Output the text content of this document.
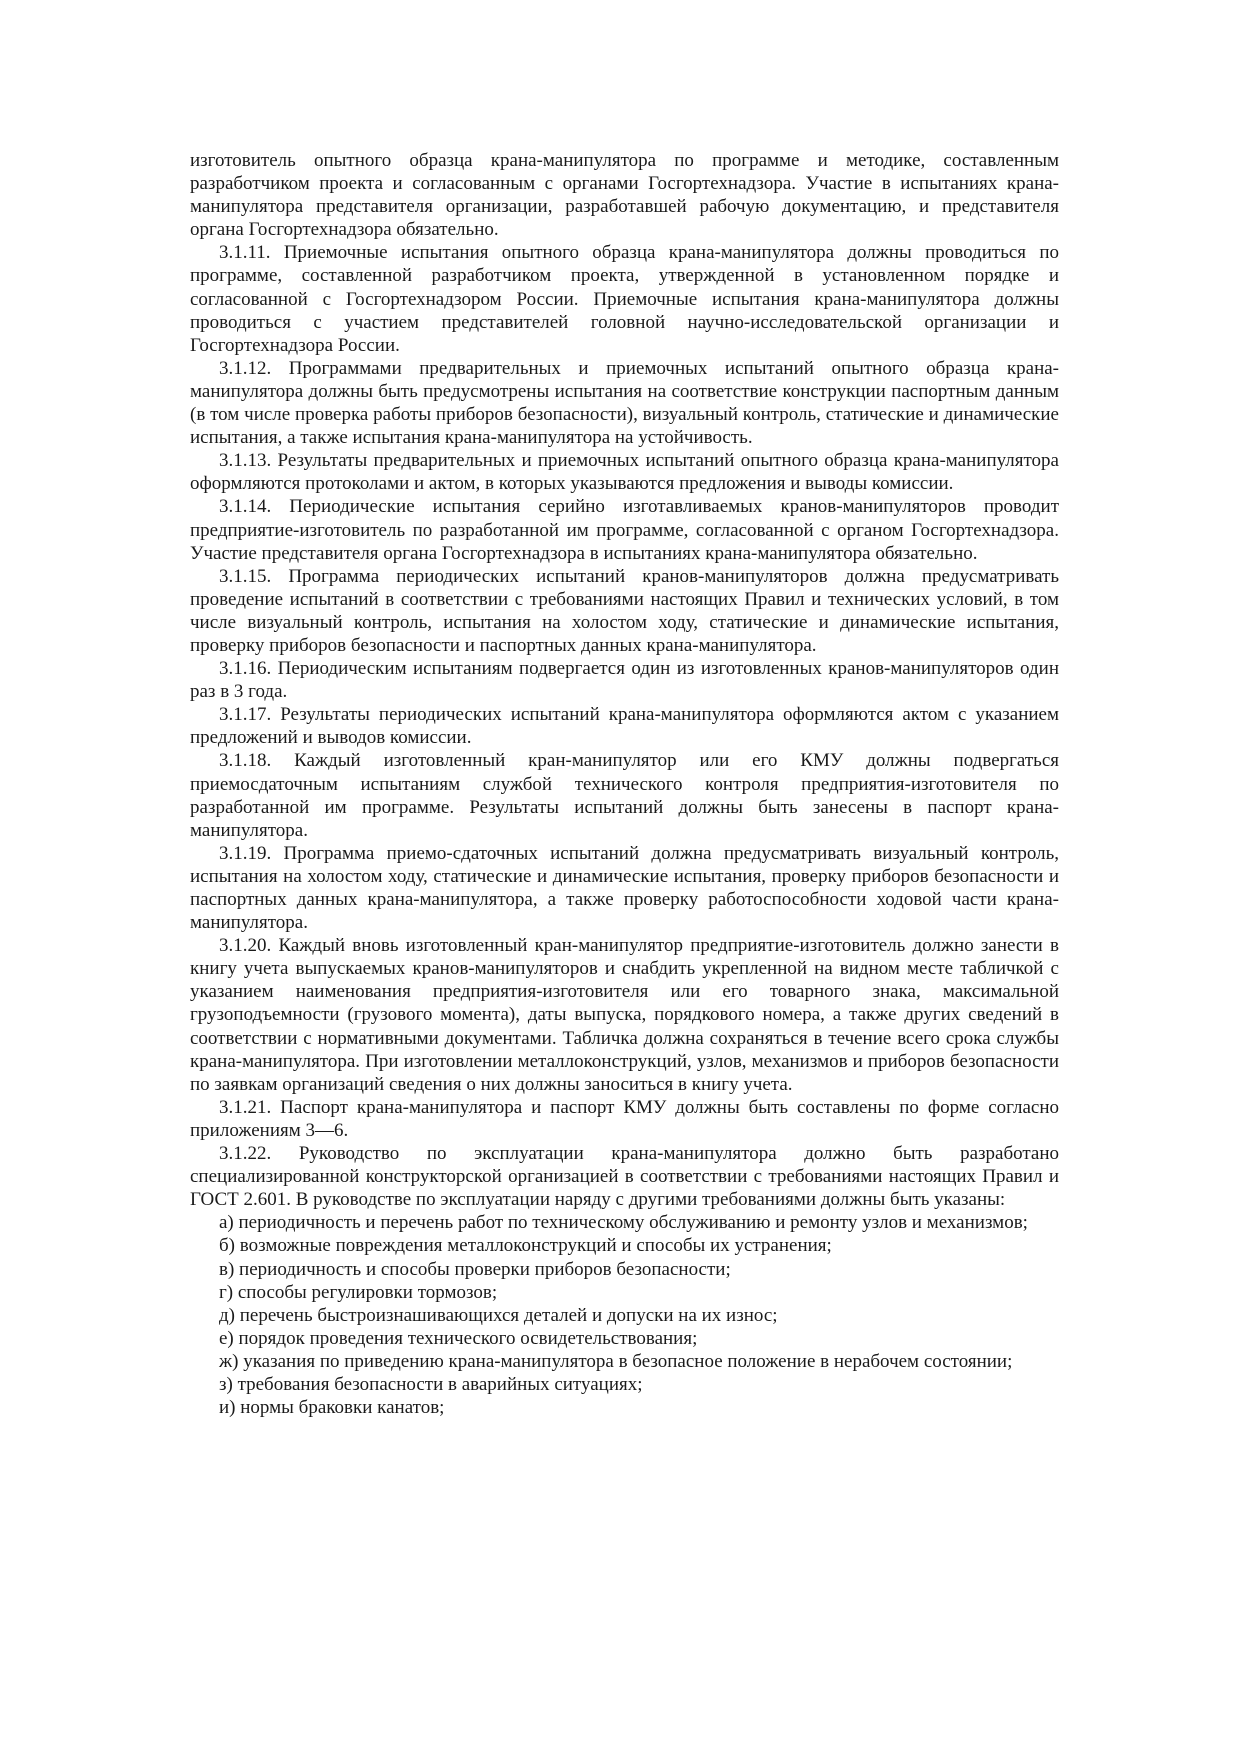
изготовитель опытного образца крана-манипулятора по программе и методике, составленным разработчиком проекта и согласованным с органами Госгортехнадзора. Участие в испытаниях крана-манипулятора представителя организации, разработавшей рабочую документацию, и представителя органа Госгортехнадзора обязательно.

3.1.11. Приемочные испытания опытного образца крана-манипулятора должны проводиться по программе, составленной разработчиком проекта, утвержденной в установленном порядке и согласованной с Госгортехнадзором России. Приемочные испытания крана-манипулятора должны проводиться с участием представителей головной научно-исследовательской организации и Госгортехнадзора России.

3.1.12. Программами предварительных и приемочных испытаний опытного образца крана-манипулятора должны быть предусмотрены испытания на соответствие конструкции паспортным данным (в том числе проверка работы приборов безопасности), визуальный контроль, статические и динамические испытания, а также испытания крана-манипулятора на устойчивость.

3.1.13. Результаты предварительных и приемочных испытаний опытного образца крана-манипулятора оформляются протоколами и актом, в которых указываются предложения и выводы комиссии.

3.1.14. Периодические испытания серийно изготавливаемых кранов-манипуляторов проводит предприятие-изготовитель по разработанной им программе, согласованной с органом Госгортехнадзора. Участие представителя органа Госгортехнадзора в испытаниях крана-манипулятора обязательно.

3.1.15. Программа периодических испытаний кранов-манипуляторов должна предусматривать проведение испытаний в соответствии с требованиями настоящих Правил и технических условий, в том числе визуальный контроль, испытания на холостом ходу, статические и динамические испытания, проверку приборов безопасности и паспортных данных крана-манипулятора.

3.1.16. Периодическим испытаниям подвергается один из изготовленных кранов-манипуляторов один раз в 3 года.

3.1.17. Результаты периодических испытаний крана-манипулятора оформляются актом с указанием предложений и выводов комиссии.

3.1.18. Каждый изготовленный кран-манипулятор или его КМУ должны подвергаться приемосдаточным испытаниям службой технического контроля предприятия-изготовителя по разработанной им программе. Результаты испытаний должны быть занесены в паспорт крана-манипулятора.

3.1.19. Программа приемо-сдаточных испытаний должна предусматривать визуальный контроль, испытания на холостом ходу, статические и динамические испытания, проверку приборов безопасности и паспортных данных крана-манипулятора, а также проверку работоспособности ходовой части крана-манипулятора.

3.1.20. Каждый вновь изготовленный кран-манипулятор предприятие-изготовитель должно занести в книгу учета выпускаемых кранов-манипуляторов и снабдить укрепленной на видном месте табличкой с указанием наименования предприятия-изготовителя или его товарного знака, максимальной грузоподъемности (грузового момента), даты выпуска, порядкового номера, а также других сведений в соответствии с нормативными документами. Табличка должна сохраняться в течение всего срока службы крана-манипулятора. При изготовлении металлоконструкций, узлов, механизмов и приборов безопасности по заявкам организаций сведения о них должны заноситься в книгу учета.

3.1.21. Паспорт крана-манипулятора и паспорт КМУ должны быть составлены по форме согласно приложениям 3—6.

3.1.22. Руководство по эксплуатации крана-манипулятора должно быть разработано специализированной конструкторской организацией в соответствии с требованиями настоящих Правил и ГОСТ 2.601. В руководстве по эксплуатации наряду с другими требованиями должны быть указаны:

а) периодичность и перечень работ по техническому обслуживанию и ремонту узлов и механизмов;

б) возможные повреждения металлоконструкций и способы их устранения;

в) периодичность и способы проверки приборов безопасности;

г) способы регулировки тормозов;

д) перечень быстроизнашивающихся деталей и допуски на их износ;

е) порядок проведения технического освидетельствования;

ж) указания по приведению крана-манипулятора в безопасное положение в нерабочем состоянии;

з) требования безопасности в аварийных ситуациях;

и) нормы браковки канатов;
